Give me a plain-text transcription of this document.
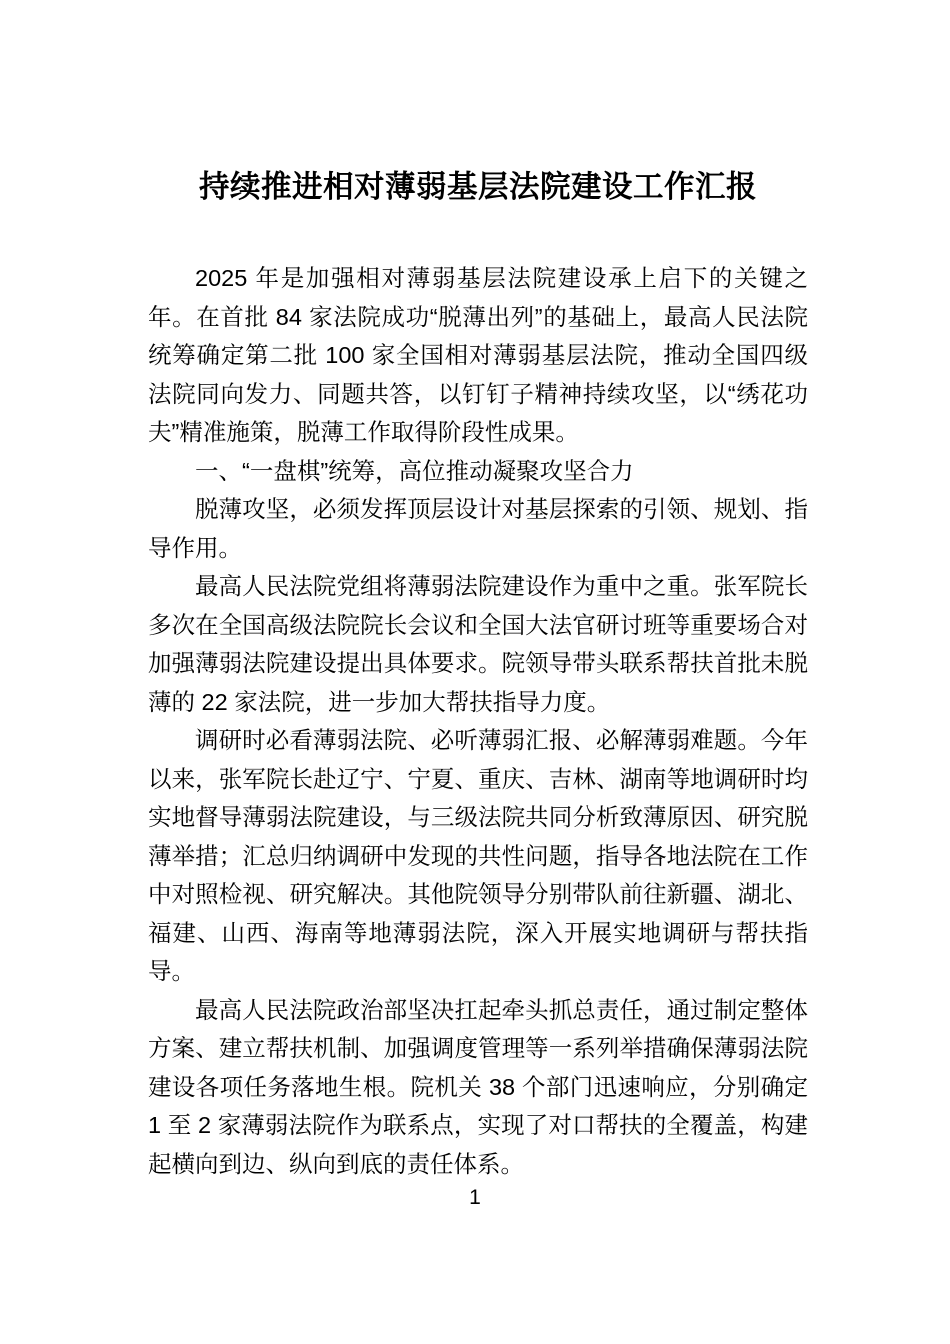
持续推进相对薄弱基层法院建设工作汇报

2025 年是加强相对薄弱基层法院建设承上启下的关键之年。在首批 84 家法院成功“脱薄出列”的基础上，最高人民法院统筹确定第二批 100 家全国相对薄弱基层法院，推动全国四级法院同向发力、同题共答，以钉钉子精神持续攻坚，以“绣花功夫”精准施策，脱薄工作取得阶段性成果。

一、“一盘棋”统筹，高位推动凝聚攻坚合力

脱薄攻坚，必须发挥顶层设计对基层探索的引领、规划、指导作用。

最高人民法院党组将薄弱法院建设作为重中之重。张军院长多次在全国高级法院院长会议和全国大法官研讨班等重要场合对加强薄弱法院建设提出具体要求。院领导带头联系帮扶首批未脱薄的 22 家法院，进一步加大帮扶指导力度。

调研时必看薄弱法院、必听薄弱汇报、必解薄弱难题。今年以来，张军院长赴辽宁、宁夏、重庆、吉林、湖南等地调研时均实地督导薄弱法院建设，与三级法院共同分析致薄原因、研究脱薄举措；汇总归纳调研中发现的共性问题，指导各地法院在工作中对照检视、研究解决。其他院领导分别带队前往新疆、湖北、福建、山西、海南等地薄弱法院，深入开展实地调研与帮扶指导。

最高人民法院政治部坚决扛起牵头抓总责任，通过制定整体方案、建立帮扶机制、加强调度管理等一系列举措确保薄弱法院建设各项任务落地生根。院机关 38 个部门迅速响应，分别确定 1 至 2 家薄弱法院作为联系点，实现了对口帮扶的全覆盖，构建起横向到边、纵向到底的责任体系。

1
